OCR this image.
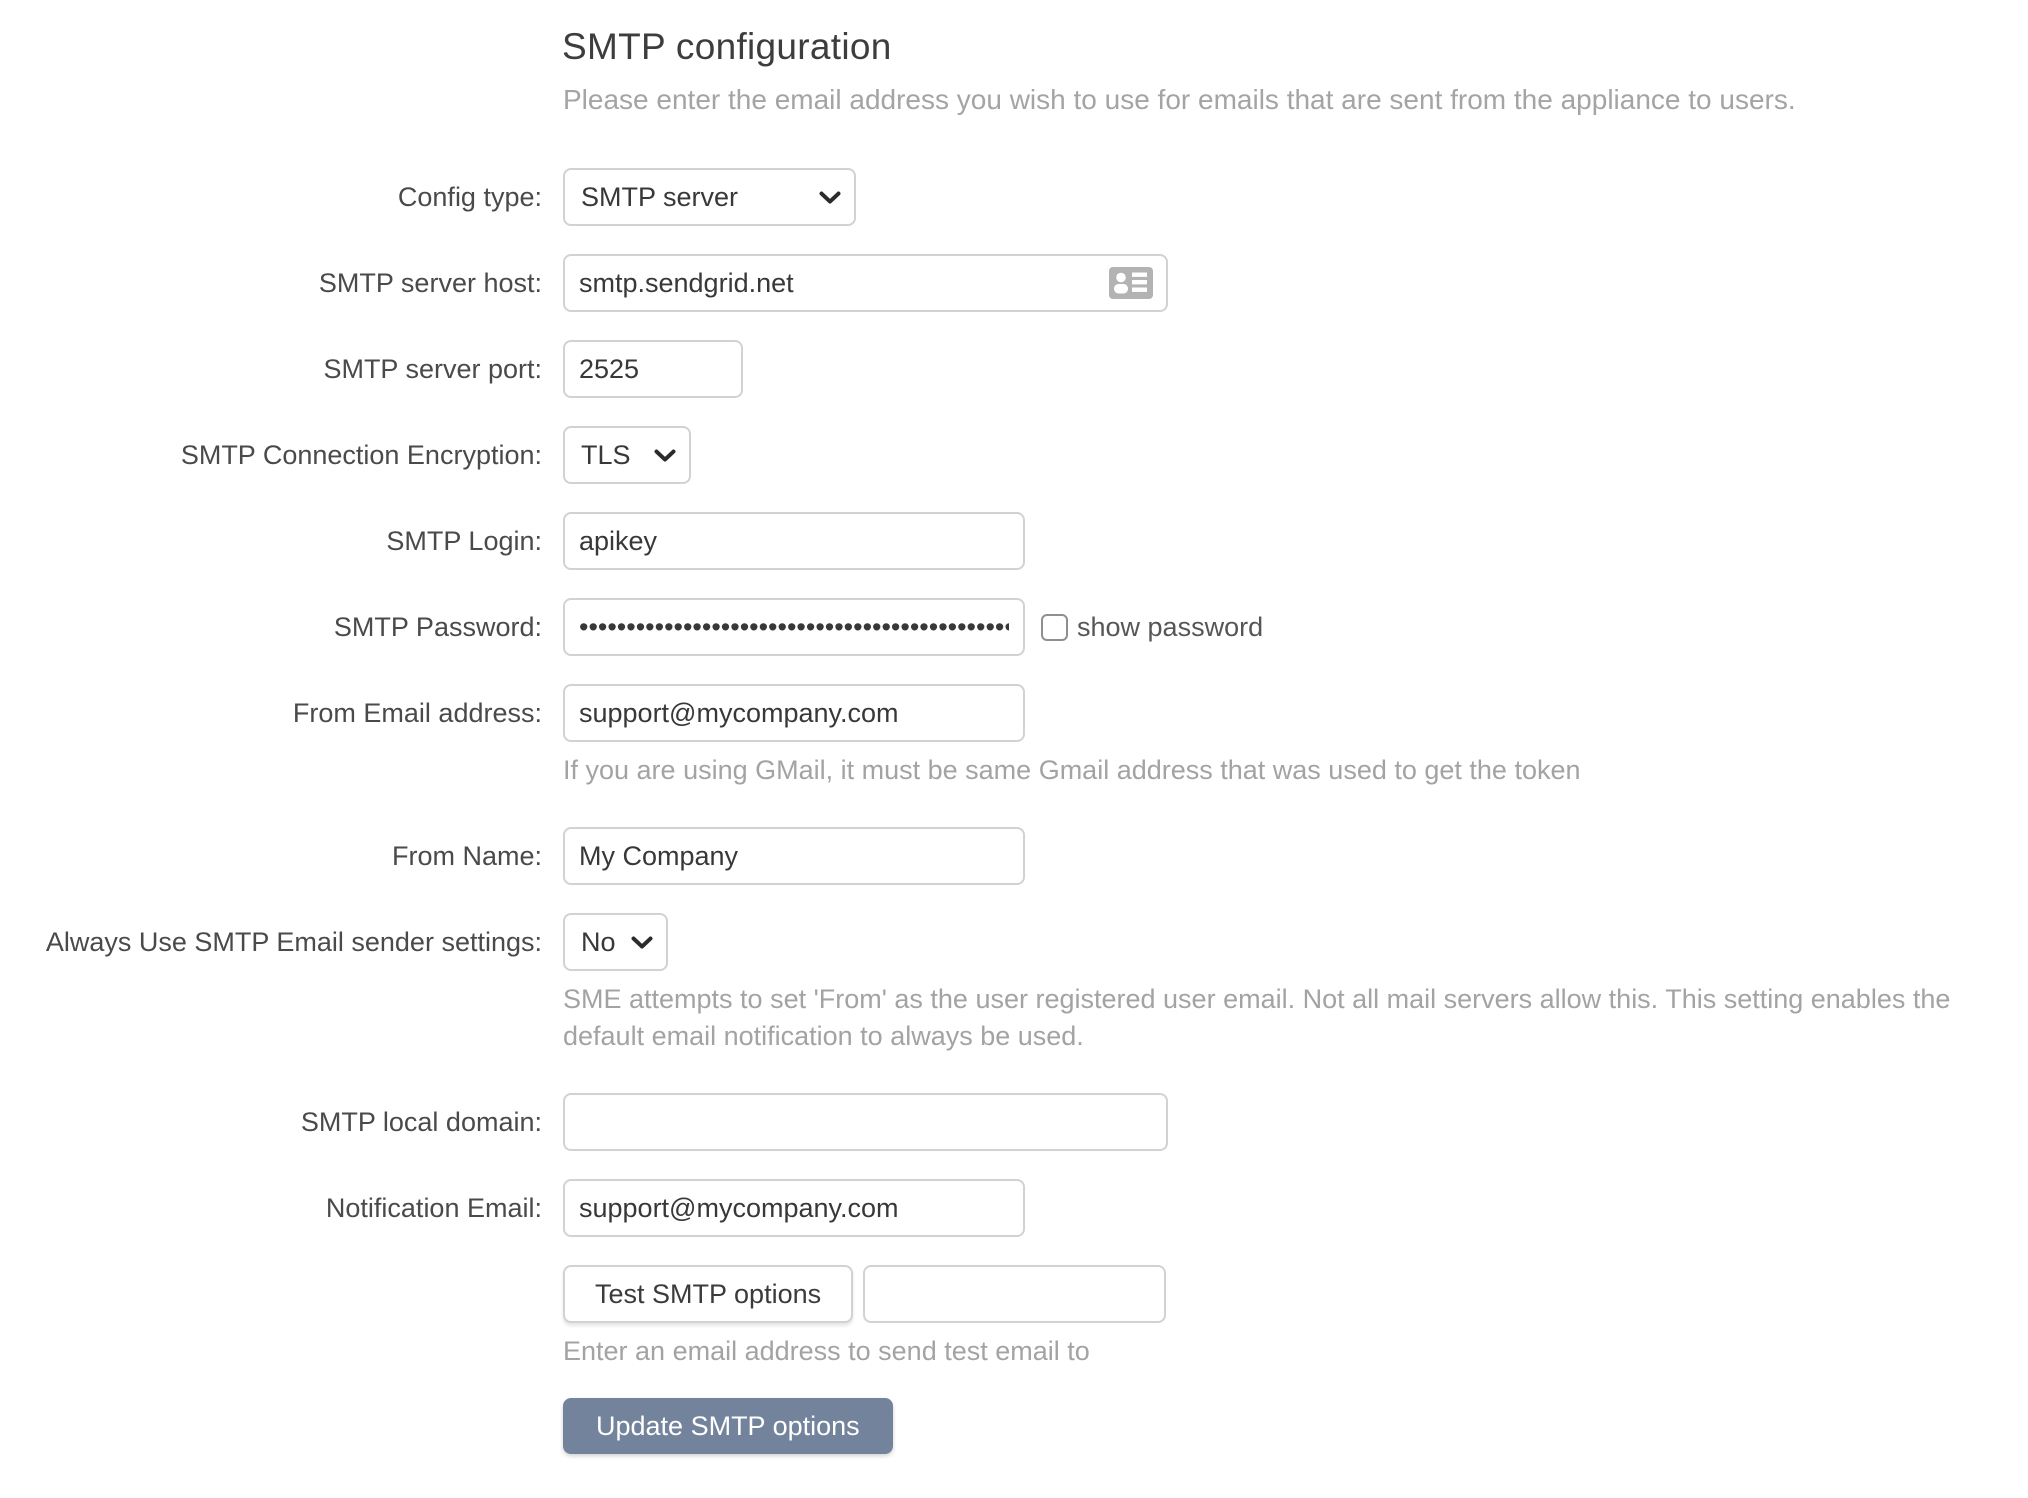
SMTP configuration
Please enter the email address you wish to use for emails that are sent from the appliance to users.
Config type:
SMTP server
SMTP server host:
smtp.sendgrid.net
SMTP server port:
2525
SMTP Connection Encryption:
TLS
SMTP Login:
apikey
SMTP Password:
•••••••••••••••••••••••••••••••••••••••••••••••	show password
From Email address:
support@mycompany.com
If you are using GMail, it must be same Gmail address that was used to get the token
From Name:
My Company
Always Use SMTP Email sender settings:
No
SME attempts to set 'From' as the user registered user email. Not all mail servers allow this. This setting enables the default email notification to always be used.
SMTP local domain:
Notification Email:
support@mycompany.com
Test SMTP options
Enter an email address to send test email to
Update SMTP options
